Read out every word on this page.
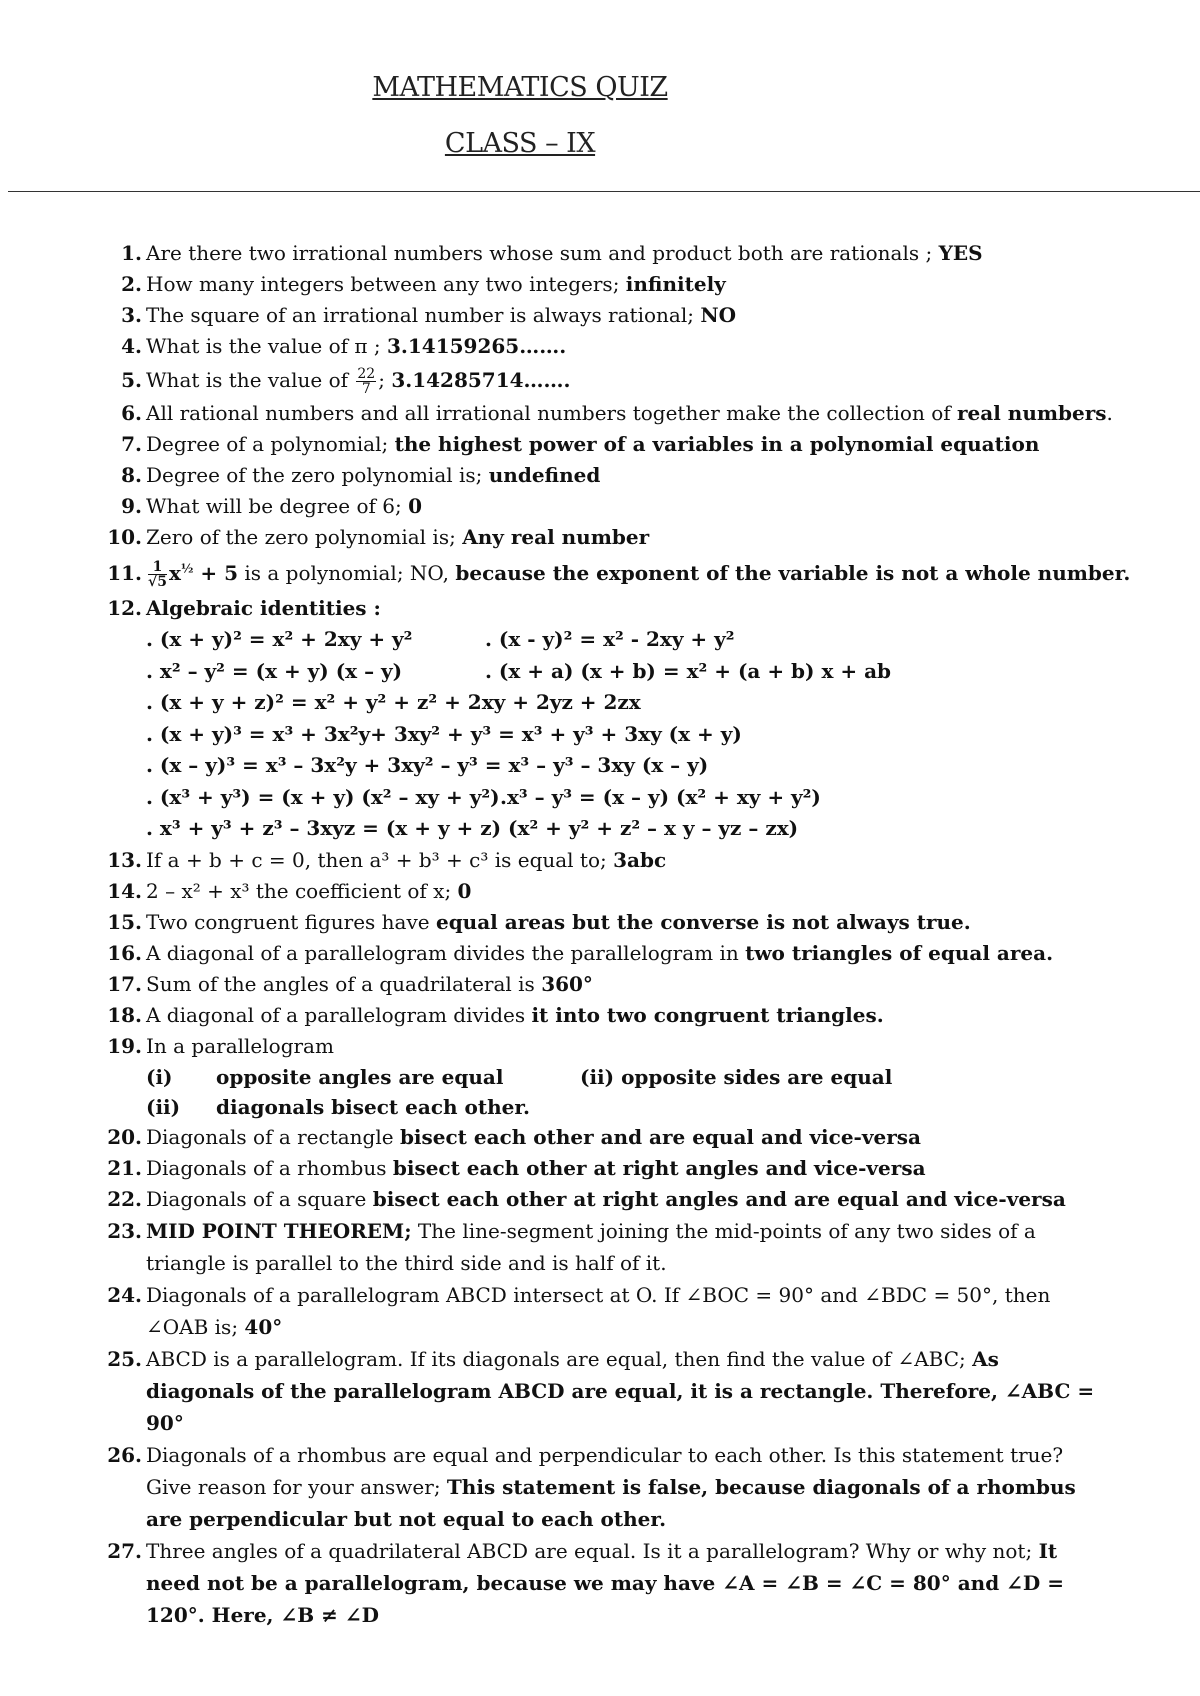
MATHEMATICS QUIZ
CLASS – IX
1. Are there two irrational numbers whose sum and product both are rationals ; YES
2. How many integers between any two integers; infinitely
3. The square of an irrational number is always rational; NO
4. What is the value of π ; 3.14159265…….
5. What is the value of $\frac{22}{7}$ ; 3.14285714…….
6. All rational numbers and all irrational numbers together make the collection of real numbers.
7. Degree of a polynomial; the highest power of a variables in a polynomial equation
8. Degree of the zero polynomial is; undefined
9. What will be degree of 6; 0
10. Zero of the zero polynomial is; Any real number
11. $\frac{1}{√5} x^{\frac{1}{2}} + 5$ is a polynomial; NO, because the exponent of the variable is not a whole number.
12. Algebraic identities :
. (x + y)² = x² + 2xy + y²	. (x - y)² = x² - 2xy + y²
. x² – y² = (x + y) (x – y)	. (x + a) (x + b) = x² + (a + b) x + ab
. (x + y + z)² = x² + y² + z² + 2xy + 2yz + 2zx
. (x + y)³ = x³ + 3x²y+ 3xy² + y³ = x³ + y³ + 3xy (x + y)
. (x – y)³ = x³ – 3x²y + 3xy² – y³ = x³ – y³ – 3xy (x – y)
. (x³ + y³) = (x + y) (x² – xy + y²) .x³ – y³ = (x – y) (x² + xy + y²)
. x³ + y³ + z³ – 3xyz = (x + y + z) (x² + y² + z² – x y – yz – zx)
13. If a + b + c = 0, then a³ + b³ + c³ is equal to; 3abc
14. 2 – x² + x³ the coefficient of x; 0
15. Two congruent figures have equal areas but the converse is not always true.
16. A diagonal of a parallelogram divides the parallelogram in two triangles of equal area.
17. Sum of the angles of a quadrilateral is 360°
18. A diagonal of a parallelogram divides it into two congruent triangles.
19. In a parallelogram
(i) opposite angles are equal	(ii) opposite sides are equal
(ii) diagonals bisect each other.
20. Diagonals of a rectangle bisect each other and are equal and vice-versa
21. Diagonals of a rhombus bisect each other at right angles and vice-versa
22. Diagonals of a square bisect each other at right angles and are equal and vice-versa
23. MID POINT THEOREM; The line-segment joining the mid-points of any two sides of a triangle is parallel to the third side and is half of it.
24. Diagonals of a parallelogram ABCD intersect at O. If ∠BOC = 90° and ∠BDC = 50°, then ∠OAB is; 40°
25. ABCD is a parallelogram. If its diagonals are equal, then find the value of ∠ABC; As diagonals of the parallelogram ABCD are equal, it is a rectangle. Therefore, ∠ABC = 90°
26. Diagonals of a rhombus are equal and perpendicular to each other. Is this statement true? Give reason for your answer; This statement is false, because diagonals of a rhombus are perpendicular but not equal to each other.
27. Three angles of a quadrilateral ABCD are equal. Is it a parallelogram? Why or why not; It need not be a parallelogram, because we may have ∠A = ∠B = ∠C = 80° and ∠D = 120°. Here, ∠B ≠ ∠D
